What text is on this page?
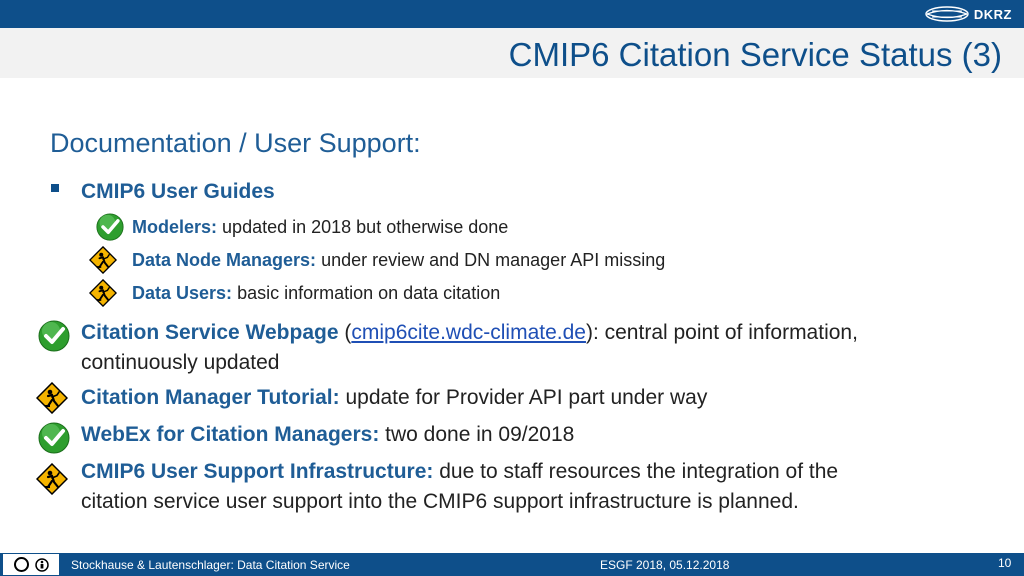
DKRZ
CMIP6 Citation Service Status (3)
Documentation / User Support:
CMIP6 User Guides
Modelers: updated in 2018 but otherwise done
Data Node Managers: under review and DN manager API missing
Data Users: basic information on data citation
Citation Service Webpage (cmip6cite.wdc-climate.de): central point of information,
continuously updated
Citation Manager Tutorial: update for Provider API part under way
WebEx for Citation Managers: two done in 09/2018
CMIP6 User Support Infrastructure: due to staff resources the integration of the
citation service user support into the CMIP6 support infrastructure is planned.
Stockhause & Lautenschlager: Data Citation Service	ESGF 2018, 05.12.2018	10
